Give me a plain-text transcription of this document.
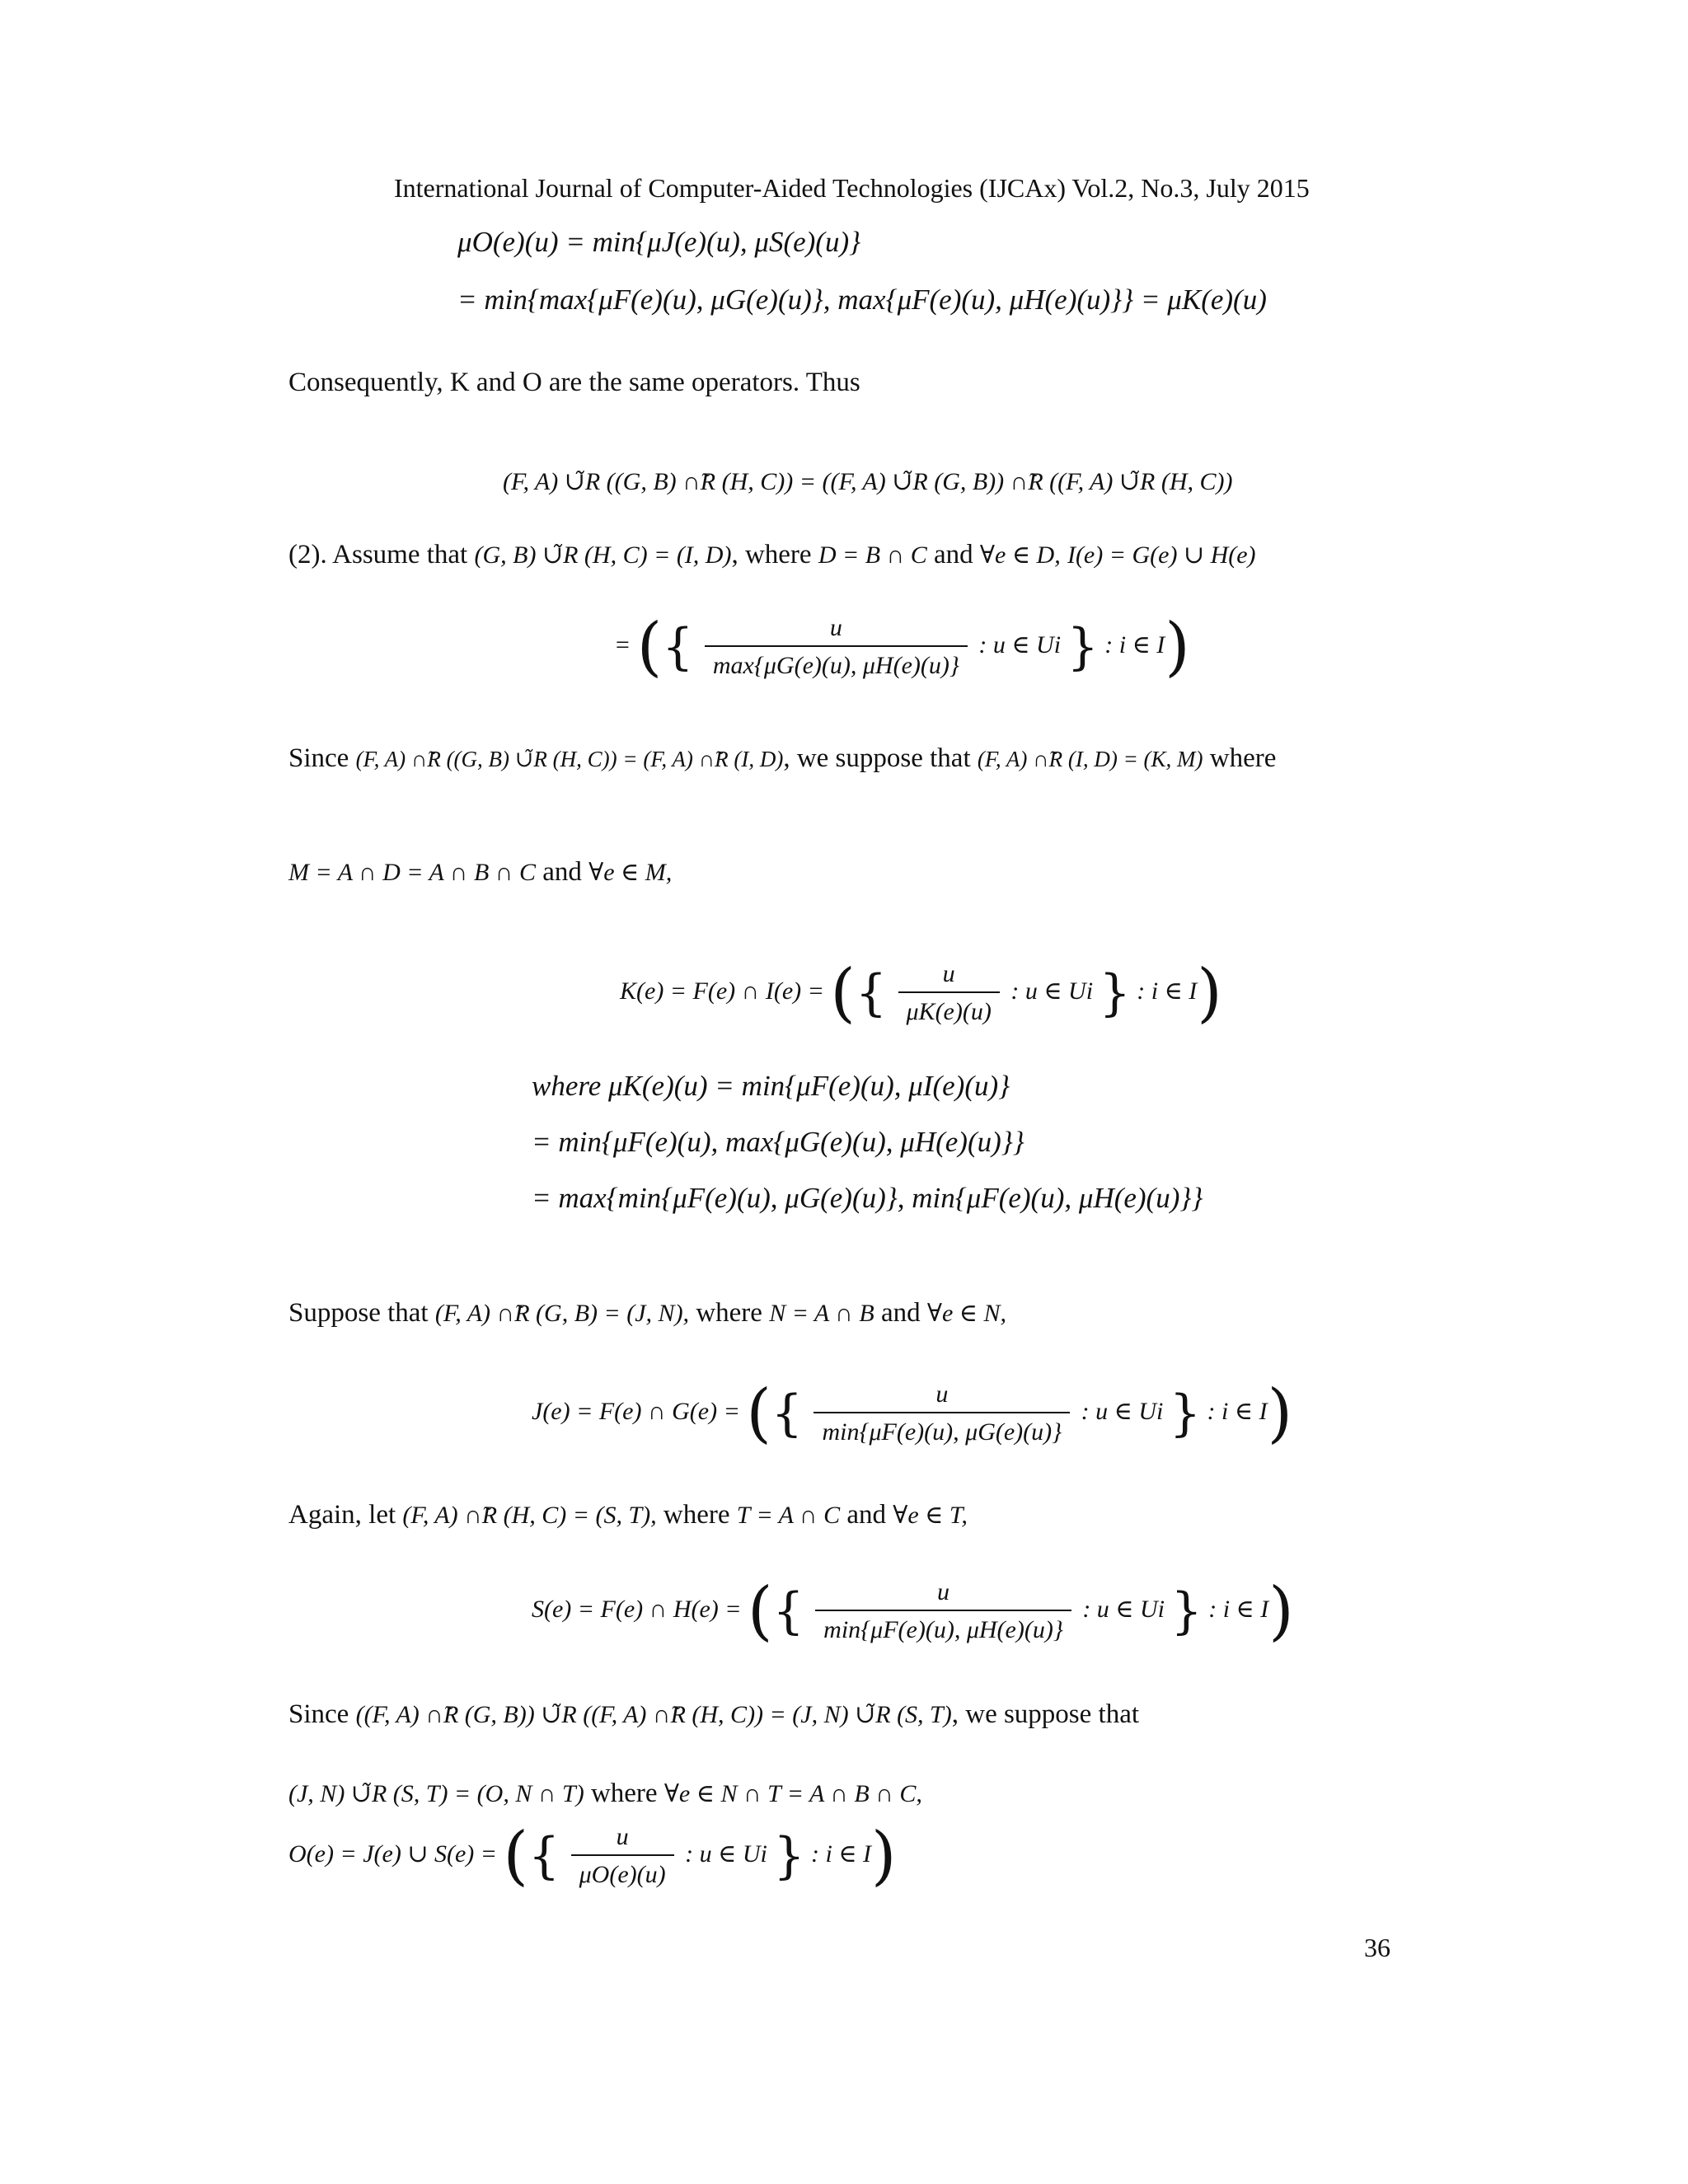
International Journal of Computer-Aided Technologies (IJCAx) Vol.2, No.3, July 2015
μO(e)(u) = min{μJ(e)(u), μS(e)(u)}
= min{max{μF(e)(u), μG(e)(u)}, max{μF(e)(u), μH(e)(u)}} = μK(e)(u)
Consequently, K and O are the same operators. Thus
(F, A) ∪̃R ((G, B) ∩̃R (H, C)) = ((F, A) ∪̃R (G, B)) ∩̃R ((F, A) ∪̃R (H, C))
(2). Assume that (G, B) ∪̃R (H, C) = (I, D), where D = B ∩ C and ∀e ∈ D, I(e) = G(e) ∪ H(e)
= ({ $\frac{u}{\max\{\mu G(e)(u), \mu H(e)(u)\}}$ : u ∈ Ui } : i ∈ I)
Since (F, A) ∩̃R ((G, B) ∪̃R (H, C)) = (F, A) ∩̃R (I, D), we suppose that (F, A) ∩̃R (I, D) = (K, M) where
M = A ∩ D = A ∩ B ∩ C and ∀e ∈ M,
K(e) = F(e) ∩ I(e) = ({ $\frac{u}{\mu K(e)(u)}$ : u ∈ Ui } : i ∈ I)
where μK(e)(u) = min{μF(e)(u), μI(e)(u)}
= min{μF(e)(u), max{μG(e)(u), μH(e)(u)}}
= max{min{μF(e)(u), μG(e)(u)}, min{μF(e)(u), μH(e)(u)}}
Suppose that (F, A) ∩̃R (G, B) = (J, N), where N = A ∩ B and ∀e ∈ N,
J(e) = F(e) ∩ G(e) = ({ $\frac{u}{\min\{\mu F(e)(u), \mu G(e)(u)\}}$ : u ∈ Ui } : i ∈ I)
Again, let (F, A) ∩̃R (H, C) = (S, T), where T = A ∩ C and ∀e ∈ T,
S(e) = F(e) ∩ H(e) = ({ $\frac{u}{\min\{\mu F(e)(u), \mu H(e)(u)\}}$ : u ∈ Ui } : i ∈ I)
Since ((F, A) ∩̃R (G, B)) ∪̃R ((F, A) ∩̃R (H, C)) = (J, N) ∪̃R (S, T), we suppose that
(J, N) ∪̃R (S, T) = (O, N ∩ T) where ∀e ∈ N ∩ T = A ∩ B ∩ C,
O(e) = J(e) ∪ S(e) = ({ $\frac{u}{\mu O(e)(u)}$ : u ∈ Ui } : i ∈ I)
36
